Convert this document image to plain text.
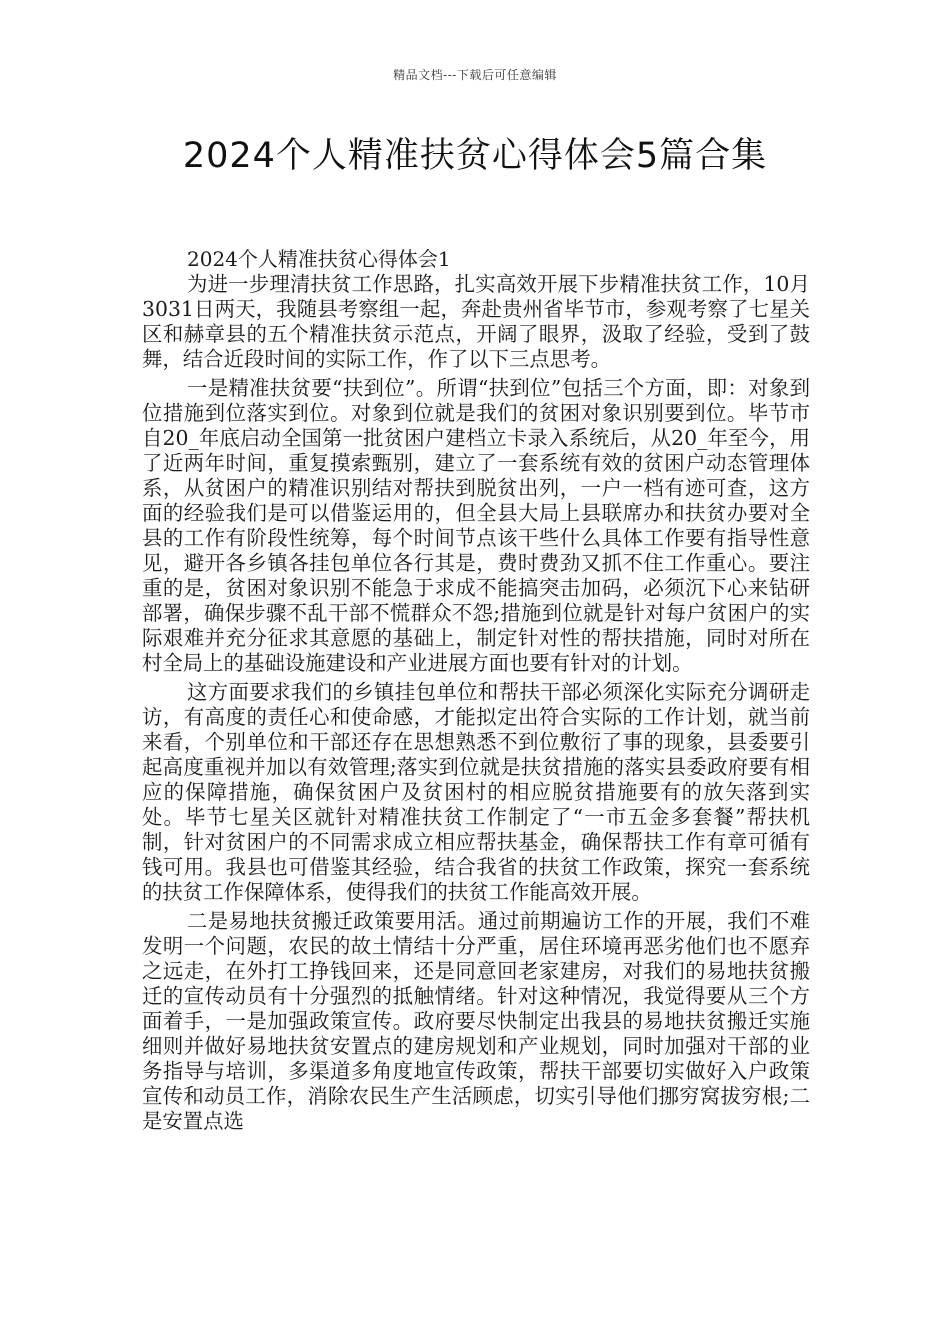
精品文档---下载后可任意编辑
2024个人精准扶贫心得体会5篇合集

2024个人精准扶贫心得体会1

为进一步理清扶贫工作思路，扎实高效开展下步精准扶贫工作，10月3031日两天，我随县考察组一起，奔赴贵州省毕节市，参观考察了七星关区和赫章县的五个精准扶贫示范点，开阔了眼界，汲取了经验，受到了鼓舞，结合近段时间的实际工作，作了以下三点思考。

一是精准扶贫要“扶到位”。所谓“扶到位”包括三个方面，即：对象到位措施到位落实到位。对象到位就是我们的贫困对象识别要到位。毕节市自20_年底启动全国第一批贫困户建档立卡录入系统后，从20_年至今，用了近两年时间，重复摸索甄别，建立了一套系统有效的贫困户动态管理体系，从贫困户的精准识别结对帮扶到脱贫出列，一户一档有迹可查，这方面的经验我们是可以借鉴运用的，但全县大局上县联席办和扶贫办要对全县的工作有阶段性统筹，每个时间节点该干些什么具体工作要有指导性意见，避开各乡镇各挂包单位各行其是，费时费劲又抓不住工作重心。要注重的是，贫困对象识别不能急于求成不能搞突击加码，必须沉下心来钻研部署，确保步骤不乱干部不慌群众不怨;措施到位就是针对每户贫困户的实际艰难并充分征求其意愿的基础上，制定针对性的帮扶措施，同时对所在村全局上的基础设施建设和产业进展方面也要有针对的计划。

这方面要求我们的乡镇挂包单位和帮扶干部必须深化实际充分调研走访，有高度的责任心和使命感，才能拟定出符合实际的工作计划，就当前来看，个别单位和干部还存在思想熟悉不到位敷衍了事的现象，县委要引起高度重视并加以有效管理;落实到位就是扶贫措施的落实县委政府要有相应的保障措施，确保贫困户及贫困村的相应脱贫措施要有的放矢落到实处。毕节七星关区就针对精准扶贫工作制定了“一市五金多套餐”帮扶机制，针对贫困户的不同需求成立相应帮扶基金，确保帮扶工作有章可循有钱可用。我县也可借鉴其经验，结合我省的扶贫工作政策，探究一套系统的扶贫工作保障体系，使得我们的扶贫工作能高效开展。

二是易地扶贫搬迁政策要用活。通过前期遍访工作的开展，我们不难发明一个问题，农民的故土情结十分严重，居住环境再恶劣他们也不愿弃之远走，在外打工挣钱回来，还是同意回老家建房，对我们的易地扶贫搬迁的宣传动员有十分强烈的抵触情绪。针对这种情况，我觉得要从三个方面着手，一是加强政策宣传。政府要尽快制定出我县的易地扶贫搬迁实施细则并做好易地扶贫安置点的建房规划和产业规划，同时加强对干部的业务指导与培训，多渠道多角度地宣传政策，帮扶干部要切实做好入户政策宣传和动员工作，消除农民生产生活顾虑，切实引导他们挪穷窝拔穷根;二是安置点选
